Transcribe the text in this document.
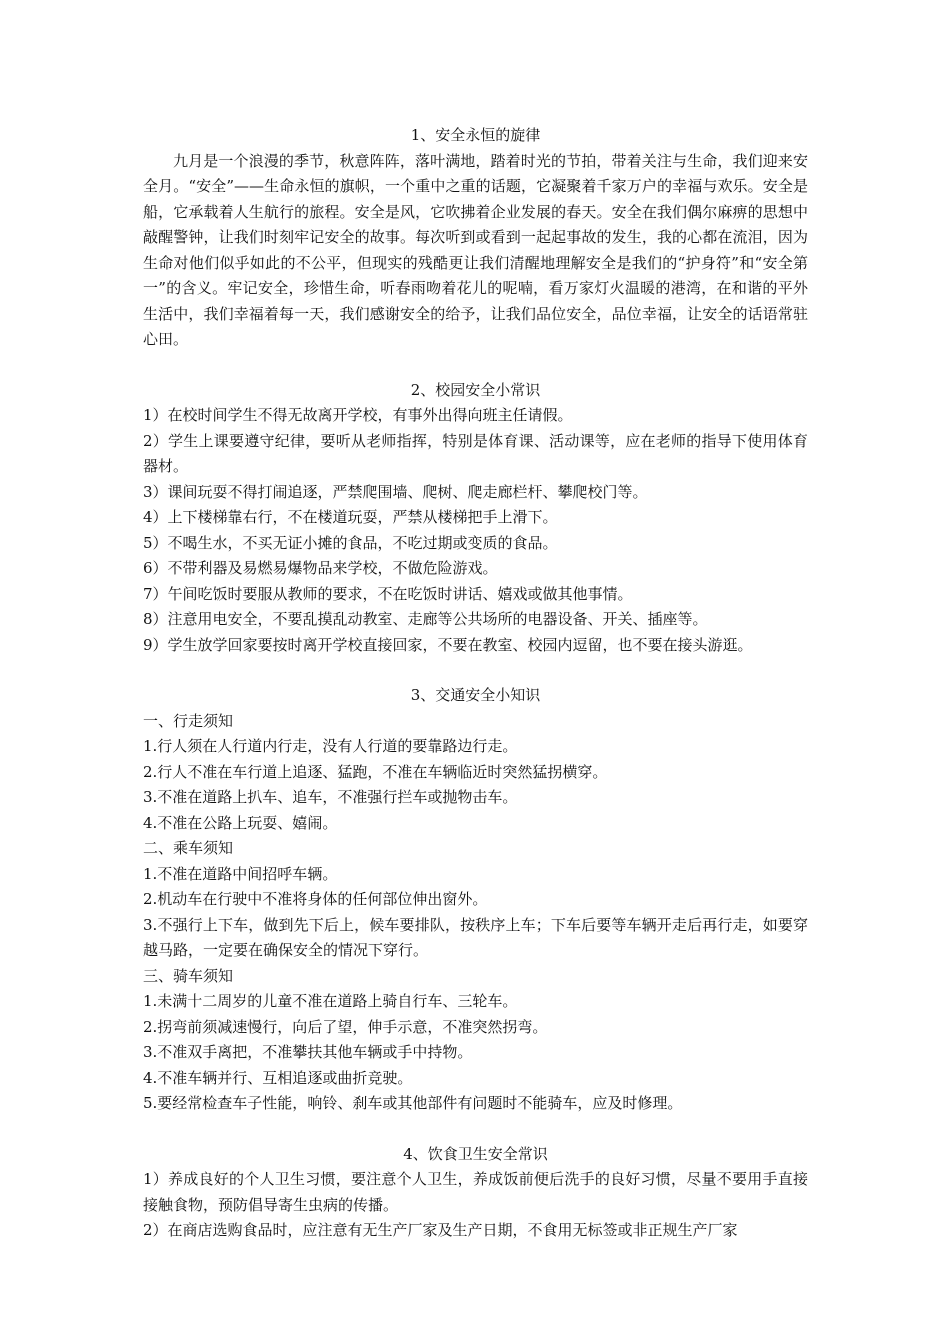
1、安全永恒的旋律

九月是一个浪漫的季节，秋意阵阵，落叶满地，踏着时光的节拍，带着关注与生命，我们迎来安全月。“安全”——生命永恒的旗帜，一个重中之重的话题，它凝聚着千家万户的幸福与欢乐。安全是船，它承载着人生航行的旅程。安全是风，它吹拂着企业发展的春天。安全在我们偶尔麻痹的思想中敲醒警钟，让我们时刻牢记安全的故事。每次听到或看到一起起事故的发生，我的心都在流泪，因为生命对他们似乎如此的不公平，但现实的残酷更让我们清醒地理解安全是我们的“护身符”和“安全第一”的含义。牢记安全，珍惜生命，听春雨吻着花儿的呢喃，看万家灯火温暖的港湾，在和谐的平外生活中，我们幸福着每一天，我们感谢安全的给予，让我们品位安全，品位幸福，让安全的话语常驻心田。

2、校园安全小常识

1）在校时间学生不得无故离开学校，有事外出得向班主任请假。

2）学生上课要遵守纪律，要听从老师指挥，特别是体育课、活动课等，应在老师的指导下使用体育器材。

3）课间玩耍不得打闹追逐，严禁爬围墙、爬树、爬走廊栏杆、攀爬校门等。

4）上下楼梯靠右行，不在楼道玩耍，严禁从楼梯把手上滑下。

5）不喝生水，不买无证小摊的食品，不吃过期或变质的食品。

6）不带利器及易燃易爆物品来学校，不做危险游戏。

7）午间吃饭时要服从教师的要求，不在吃饭时讲话、嬉戏或做其他事情。

8）注意用电安全，不要乱摸乱动教室、走廊等公共场所的电器设备、开关、插座等。

9）学生放学回家要按时离开学校直接回家，不要在教室、校园内逗留，也不要在接头游逛。

3、交通安全小知识

一、行走须知

1.行人须在人行道内行走，没有人行道的要靠路边行走。

2.行人不准在车行道上追逐、猛跑，不准在车辆临近时突然猛拐横穿。

3.不准在道路上扒车、追车，不准强行拦车或抛物击车。

4.不准在公路上玩耍、嬉闹。

二、乘车须知

1.不准在道路中间招呼车辆。

2.机动车在行驶中不准将身体的任何部位伸出窗外。

3.不强行上下车，做到先下后上，候车要排队，按秩序上车；下车后要等车辆开走后再行走，如要穿越马路，一定要在确保安全的情况下穿行。

三、骑车须知

1.未满十二周岁的儿童不准在道路上骑自行车、三轮车。

2.拐弯前须减速慢行，向后了望，伸手示意，不准突然拐弯。

3.不准双手离把，不准攀扶其他车辆或手中持物。

4.不准车辆并行、互相追逐或曲折竞驶。

5.要经常检查车子性能，响铃、刹车或其他部件有问题时不能骑车，应及时修理。

4、饮食卫生安全常识

1）养成良好的个人卫生习惯，要注意个人卫生，养成饭前便后洗手的良好习惯，尽量不要用手直接接触食物，预防倡导寄生虫病的传播。

2）在商店选购食品时，应注意有无生产厂家及生产日期，不食用无标签或非正规生产厂家
